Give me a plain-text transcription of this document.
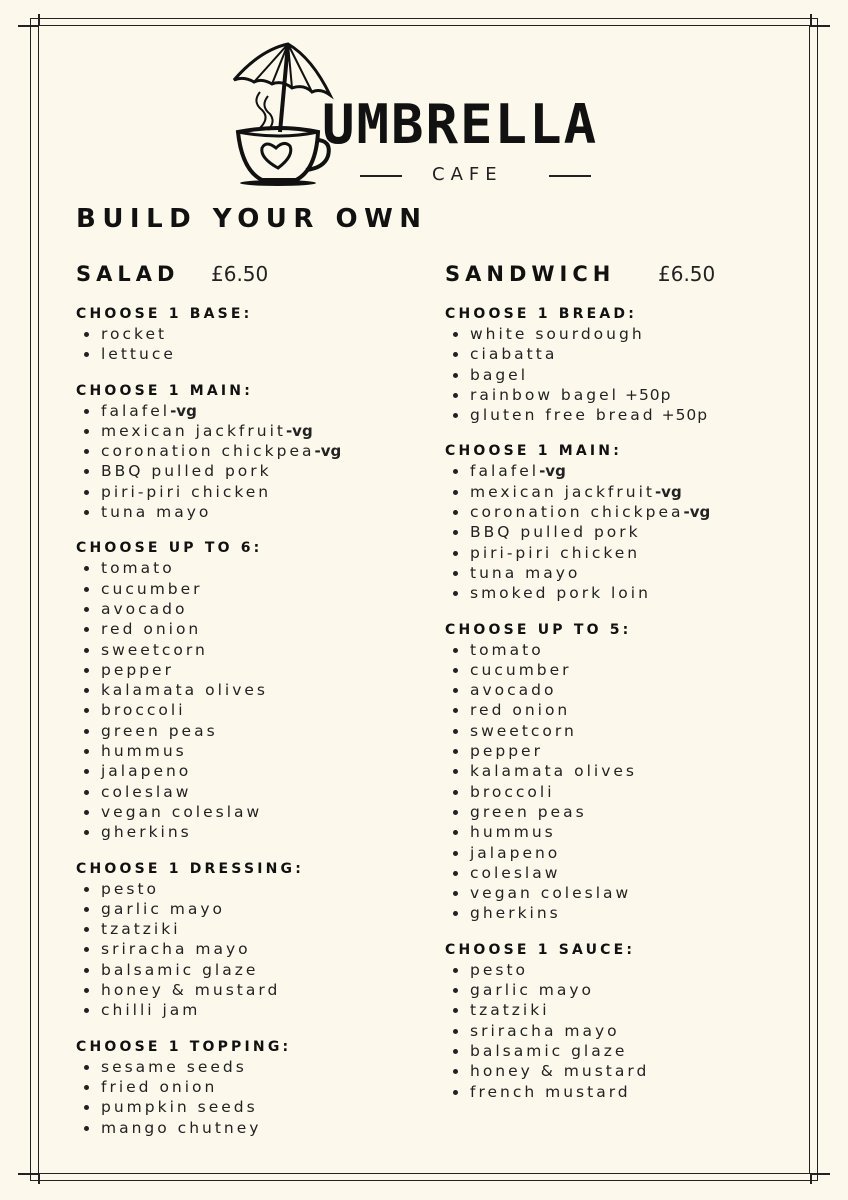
UMBRELLA
CAFE
BUILD YOUR OWN
SALAD £6.50
CHOOSE 1 BASE:
rocket
lettuce
CHOOSE 1 MAIN:
falafel-vg
mexican jackfruit-vg
coronation chickpea-vg
BBQ pulled pork
piri-piri chicken
tuna mayo
CHOOSE UP TO 6:
tomato
cucumber
avocado
red onion
sweetcorn
pepper
kalamata olives
broccoli
green peas
hummus
jalapeno
coleslaw
vegan coleslaw
gherkins
CHOOSE 1 DRESSING:
pesto
garlic mayo
tzatziki
sriracha mayo
balsamic glaze
honey & mustard
chilli jam
CHOOSE 1 TOPPING:
sesame seeds
fried onion
pumpkin seeds
mango chutney
SANDWICH £6.50
CHOOSE 1 BREAD:
white sourdough
ciabatta
bagel
rainbow bagel +50p
gluten free bread +50p
CHOOSE 1 MAIN:
falafel-vg
mexican jackfruit-vg
coronation chickpea-vg
BBQ pulled pork
piri-piri chicken
tuna mayo
smoked pork loin
CHOOSE UP TO 5:
tomato
cucumber
avocado
red onion
sweetcorn
pepper
kalamata olives
broccoli
green peas
hummus
jalapeno
coleslaw
vegan coleslaw
gherkins
CHOOSE 1 SAUCE:
pesto
garlic mayo
tzatziki
sriracha mayo
balsamic glaze
honey & mustard
french mustard
